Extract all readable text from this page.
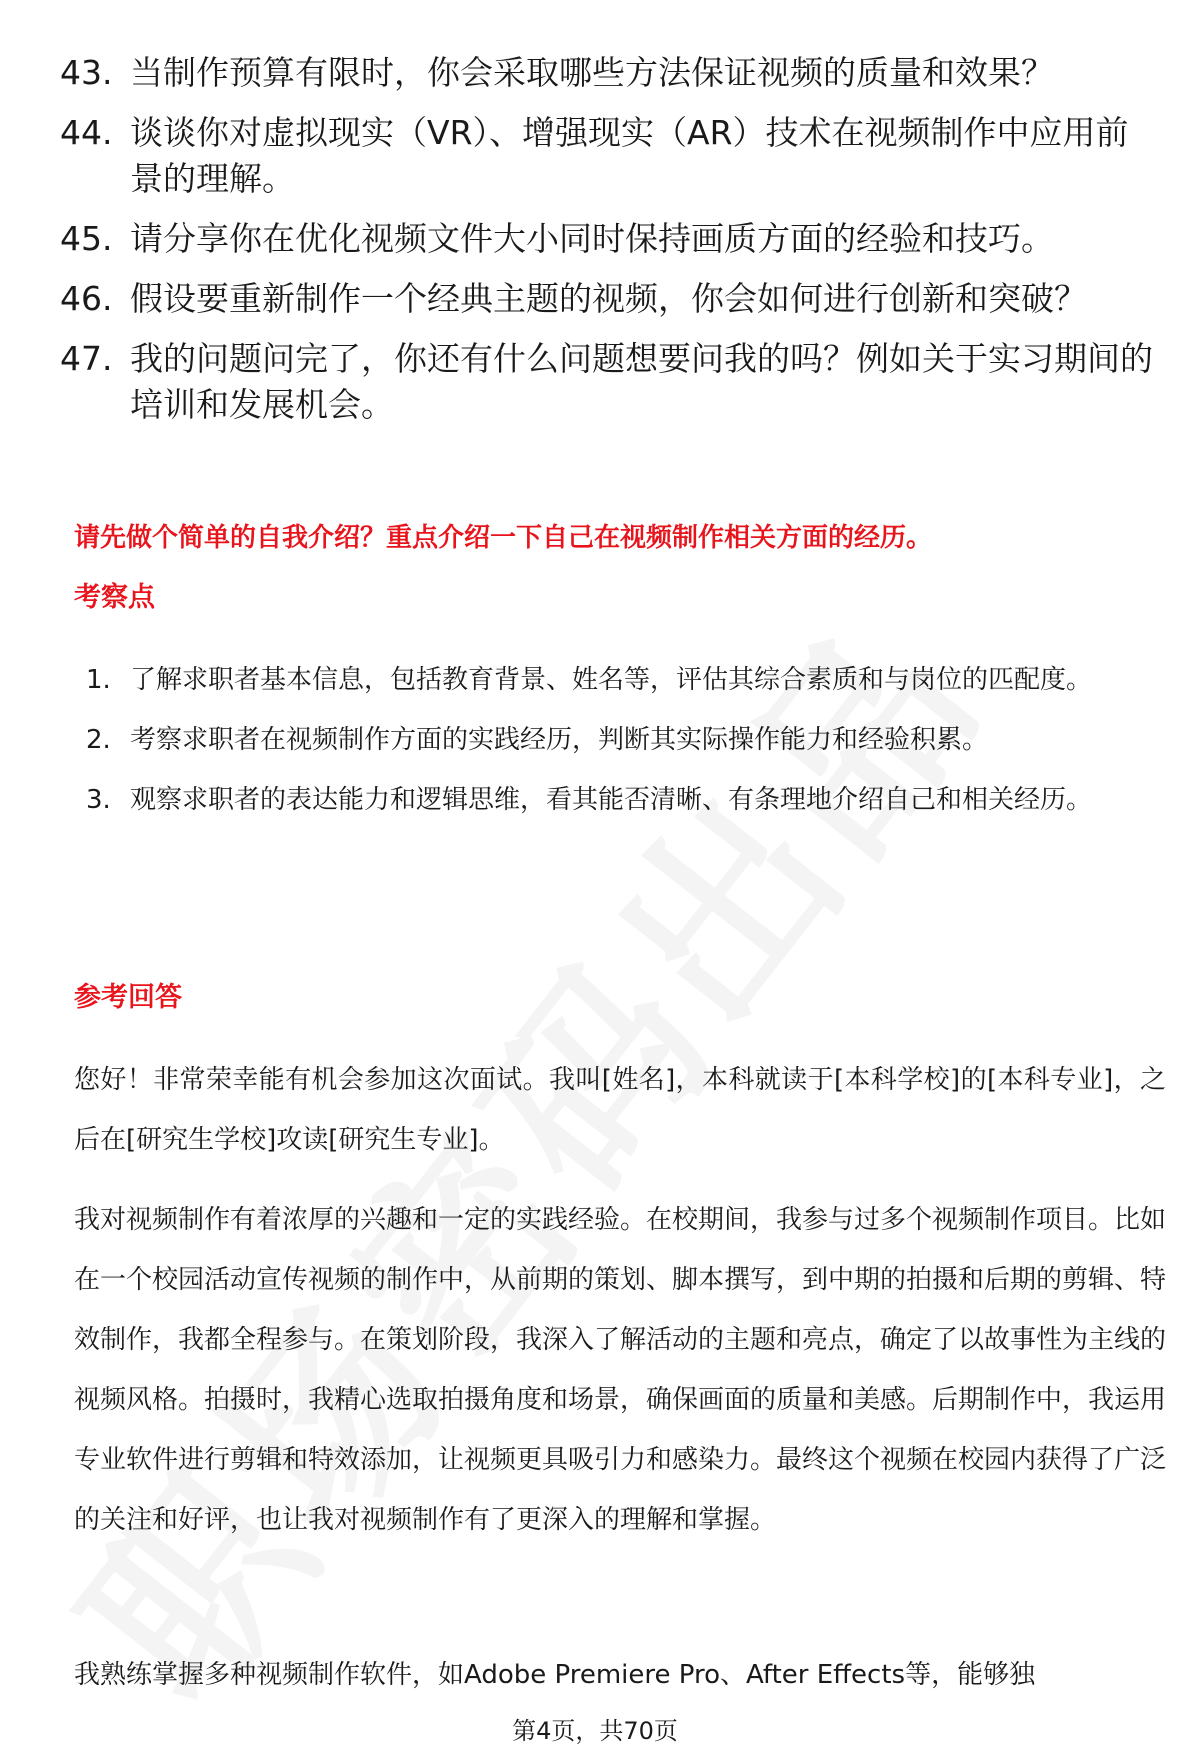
43. 当制作预算有限时，你会采取哪些方法保证视频的质量和效果？
44. 谈谈你对虚拟现实（VR）、增强现实（AR）技术在视频制作中应用前景的理解。
45. 请分享你在优化视频文件大小同时保持画质方面的经验和技巧。
46. 假设要重新制作一个经典主题的视频，你会如何进行创新和突破？
47. 我的问题问完了，你还有什么问题想要问我的吗？例如关于实习期间的培训和发展机会。
请先做个简单的自我介绍？重点介绍一下自己在视频制作相关方面的经历。
考察点
1. 了解求职者基本信息，包括教育背景、姓名等，评估其综合素质和与岗位的匹配度。
2. 考察求职者在视频制作方面的实践经历，判断其实际操作能力和经验积累。
3. 观察求职者的表达能力和逻辑思维，看其能否清晰、有条理地介绍自己和相关经历。
参考回答
您好！非常荣幸能有机会参加这次面试。我叫[姓名]，本科就读于[本科学校]的[本科专业]，之后在[研究生学校]攻读[研究生专业]。
我对视频制作有着浓厚的兴趣和一定的实践经验。在校期间，我参与过多个视频制作项目。比如在一个校园活动宣传视频的制作中，从前期的策划、脚本撰写，到中期的拍摄和后期的剪辑、特效制作，我都全程参与。在策划阶段，我深入了解活动的主题和亮点，确定了以故事性为主线的视频风格。拍摄时，我精心选取拍摄角度和场景，确保画面的质量和美感。后期制作中，我运用专业软件进行剪辑和特效添加，让视频更具吸引力和感染力。最终这个视频在校园内获得了广泛的关注和好评，也让我对视频制作有了更深入的理解和掌握。
我熟练掌握多种视频制作软件，如Adobe Premiere Pro、After Effects等，能够独
第4页，共70页
